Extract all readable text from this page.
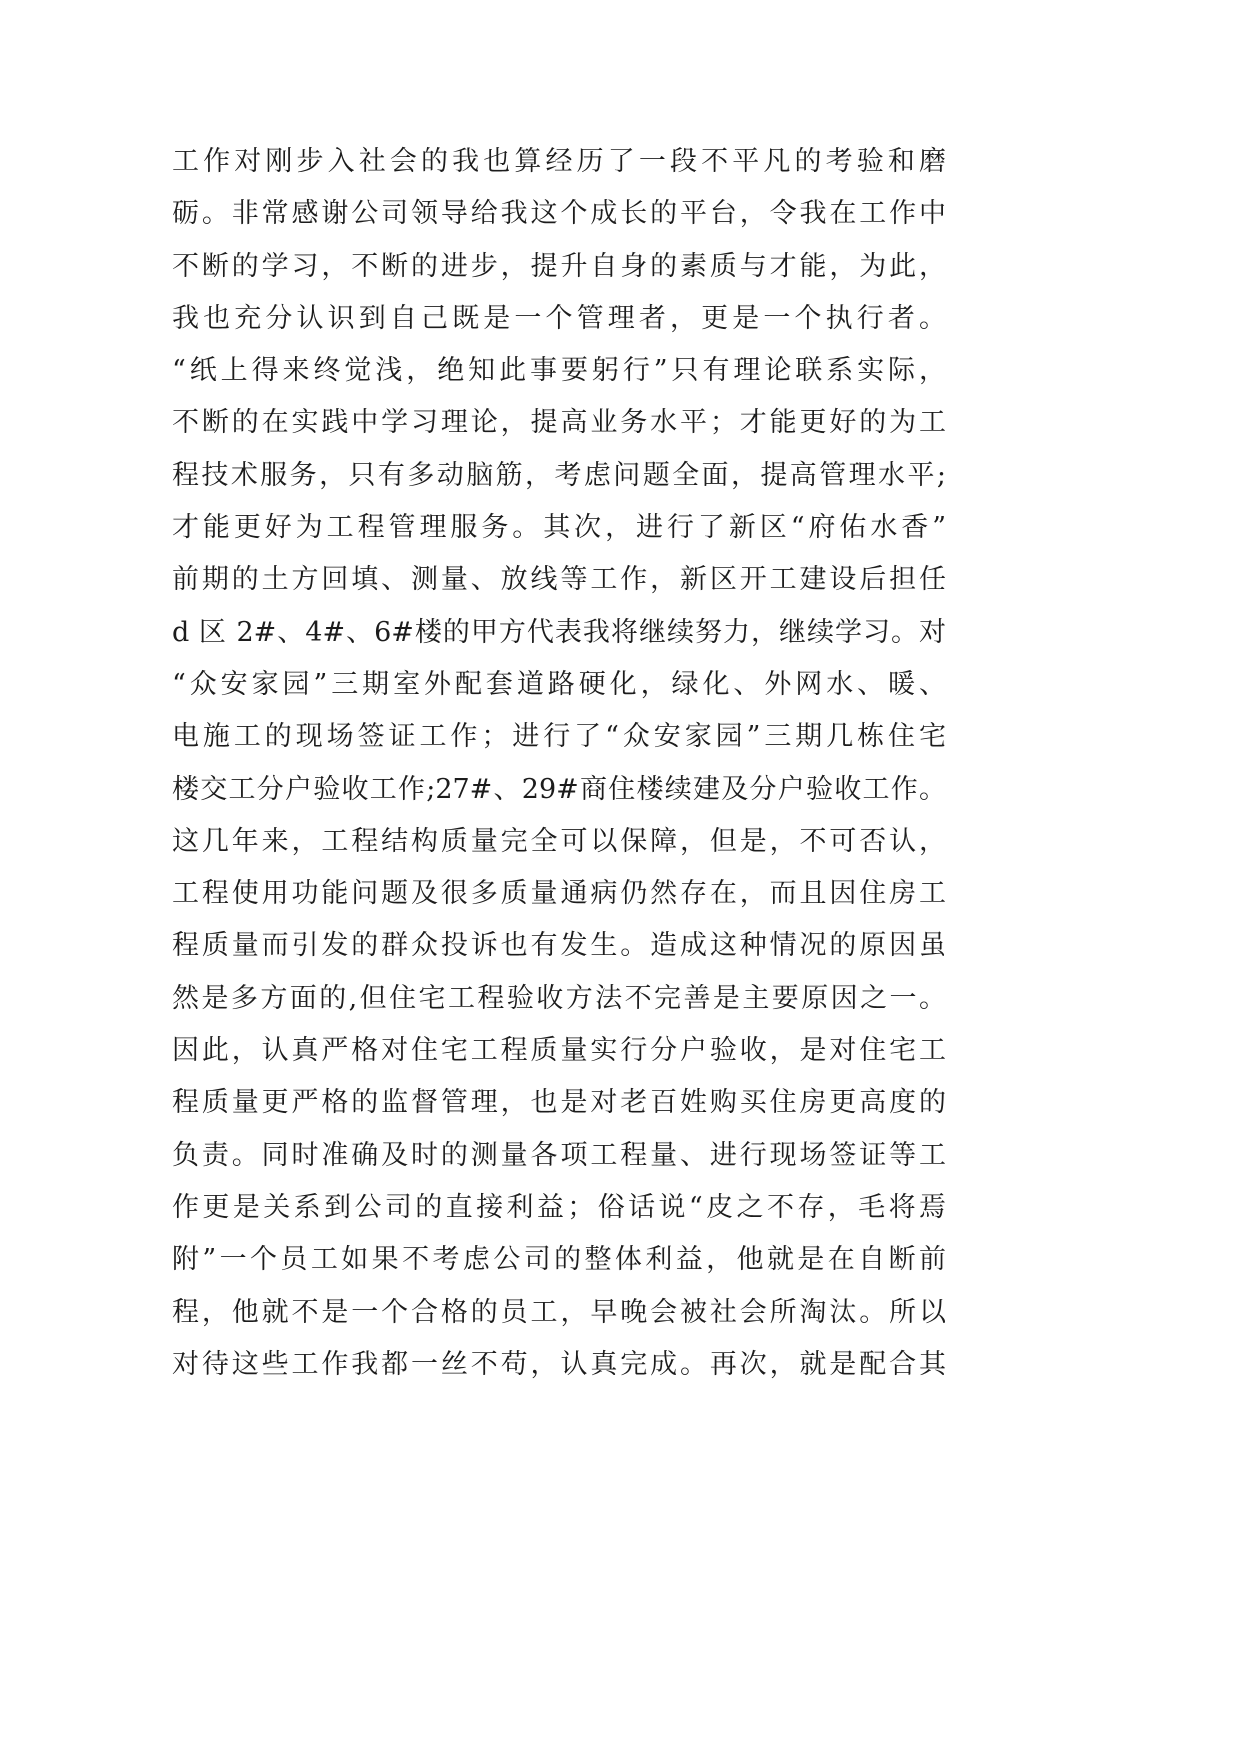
工作对刚步入社会的我也算经历了一段不平凡的考验和磨
砺。非常感谢公司领导给我这个成长的平台，令我在工作中
不断的学习，不断的进步，提升自身的素质与才能，为此，
我也充分认识到自己既是一个管理者，更是一个执行者。
“纸上得来终觉浅，绝知此事要躬行”只有理论联系实际，
不断的在实践中学习理论，提高业务水平；才能更好的为工
程技术服务，只有多动脑筋，考虑问题全面，提高管理水平;
才能更好为工程管理服务。其次，进行了新区“府佑水香”
前期的土方回填、测量、放线等工作，新区开工建设后担任
d 区 2#、4#、6#楼的甲方代表我将继续努力，继续学习。对
“众安家园”三期室外配套道路硬化，绿化、外网水、暖、
电施工的现场签证工作；进行了“众安家园”三期几栋住宅
楼交工分户验收工作;27#、29#商住楼续建及分户验收工作。
这几年来，工程结构质量完全可以保障，但是，不可否认，
工程使用功能问题及很多质量通病仍然存在，而且因住房工
程质量而引发的群众投诉也有发生。造成这种情况的原因虽
然是多方面的,但住宅工程验收方法不完善是主要原因之一。
因此，认真严格对住宅工程质量实行分户验收，是对住宅工
程质量更严格的监督管理，也是对老百姓购买住房更高度的
负责。同时准确及时的测量各项工程量、进行现场签证等工
作更是关系到公司的直接利益；俗话说“皮之不存，毛将焉
附”一个员工如果不考虑公司的整体利益，他就是在自断前
程，他就不是一个合格的员工，早晚会被社会所淘汰。所以
对待这些工作我都一丝不苟，认真完成。再次，就是配合其
